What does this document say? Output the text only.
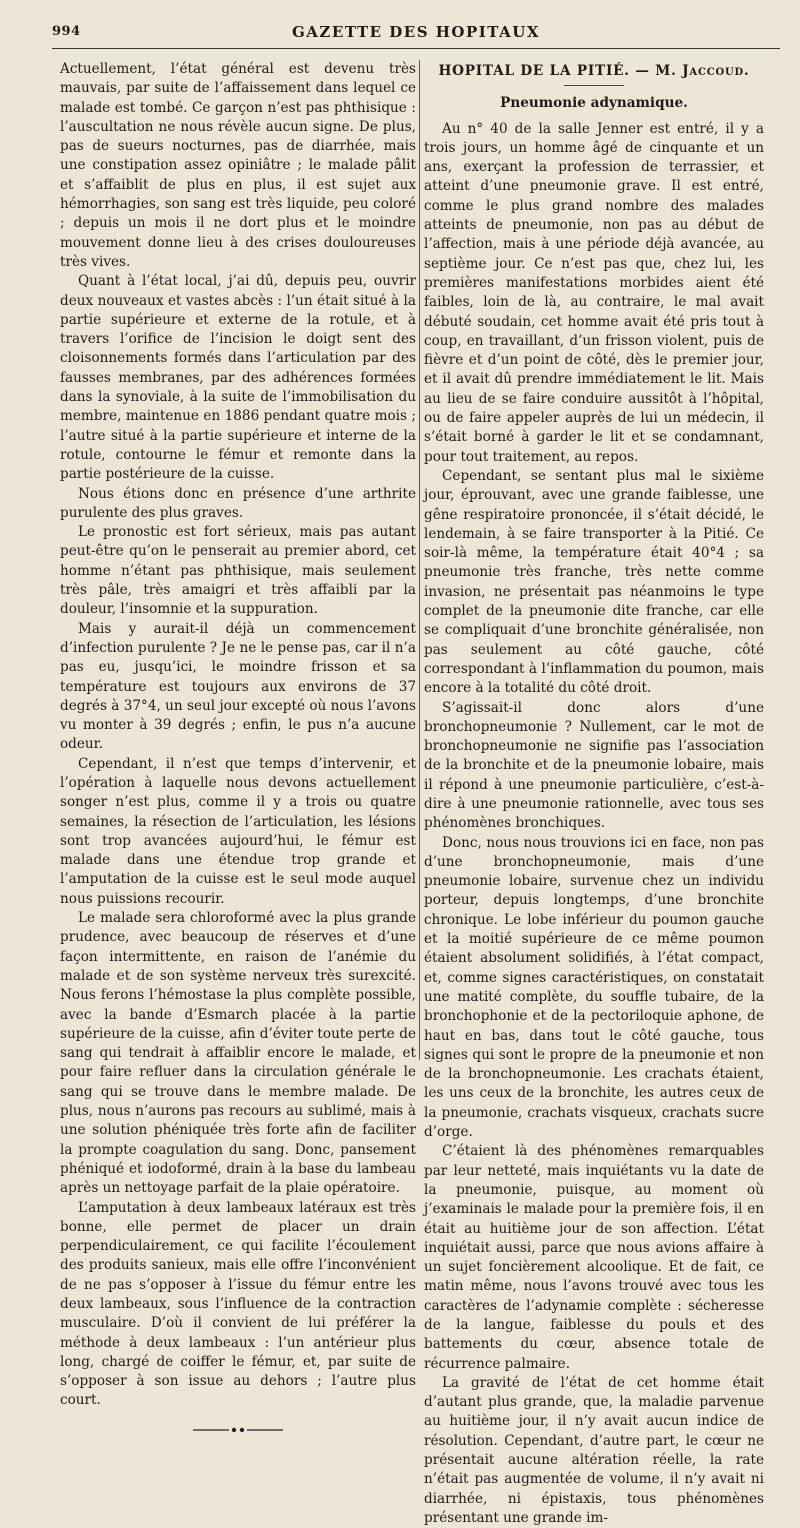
994	GAZETTE DES HOPITAUX

Actuellement, l’état général est devenu très mauvais, par suite de l’affaissement dans lequel ce malade est tombé. Ce garçon n’est pas phthisique : l’auscultation ne nous révèle aucun signe. De plus, pas de sueurs nocturnes, pas de diarrhée, mais une constipation assez opiniâtre ; le malade pâlit et s’affaiblit de plus en plus, il est sujet aux hémorrhagies, son sang est très liquide, peu coloré ; depuis un mois il ne dort plus et le moindre mouvement donne lieu à des crises douloureuses très vives.

Quant à l’état local, j’ai dû, depuis peu, ouvrir deux nouveaux et vastes abcès : l’un était situé à la partie supérieure et externe de la rotule, et à travers l’orifice de l’incision le doigt sent des cloisonnements formés dans l’articulation par des fausses membranes, par des adhérences formées dans la synoviale, à la suite de l’immobilisation du membre, maintenue en 1886 pendant quatre mois ; l’autre situé à la partie supérieure et interne de la rotule, contourne le fémur et remonte dans la partie postérieure de la cuisse.

Nous étions donc en présence d’une arthrite purulente des plus graves.

Le pronostic est fort sérieux, mais pas autant peut-être qu’on le penserait au premier abord, cet homme n’étant pas phthisique, mais seulement très pâle, très amaigri et très affaibli par la douleur, l’insomnie et la suppuration.

Mais y aurait-il déjà un commencement d’infection purulente ? Je ne le pense pas, car il n’a pas eu, jusqu’ici, le moindre frisson et sa température est toujours aux environs de 37 degrés à 37°4, un seul jour excepté où nous l’avons vu monter à 39 degrés ; enfin, le pus n’a aucune odeur.

Cependant, il n’est que temps d’intervenir, et l’opération à laquelle nous devons actuellement songer n’est plus, comme il y a trois ou quatre semaines, la résection de l’articulation, les lésions sont trop avancées aujourd’hui, le fémur est malade dans une étendue trop grande et l’amputation de la cuisse est le seul mode auquel nous puissions recourir.

Le malade sera chloroformé avec la plus grande prudence, avec beaucoup de réserves et d’une façon intermittente, en raison de l’anémie du malade et de son système nerveux très surexcité. Nous ferons l’hémostase la plus complète possible, avec la bande d’Esmarch placée à la partie supérieure de la cuisse, afin d’éviter toute perte de sang qui tendrait à affaiblir encore le malade, et pour faire refluer dans la circulation générale le sang qui se trouve dans le membre malade. De plus, nous n’aurons pas recours au sublimé, mais à une solution phéniquée très forte afin de faciliter la prompte coagulation du sang. Donc, pansement phéniqué et iodoformé, drain à la base du lambeau après un nettoyage parfait de la plaie opératoire.

L’amputation à deux lambeaux latéraux est très bonne, elle permet de placer un drain perpendiculairement, ce qui facilite l’écoulement des produits sanieux, mais elle offre l’inconvénient de ne pas s’opposer à l’issue du fémur entre les deux lambeaux, sous l’influence de la contraction musculaire. D’où il convient de lui préférer la méthode à deux lambeaux : l’un antérieur plus long, chargé de coiffer le fémur, et, par suite de s’opposer à son issue au dehors ; l’autre plus court.

HOPITAL DE LA PITIÉ. — M. Jaccoud.
Pneumonie adynamique.

Au n° 40 de la salle Jenner est entré, il y a trois jours, un homme âgé de cinquante et un ans, exerçant la profession de terrassier, et atteint d’une pneumonie grave. Il est entré, comme le plus grand nombre des malades atteints de pneumonie, non pas au début de l’affection, mais à une période déjà avancée, au septième jour. Ce n’est pas que, chez lui, les premières manifestations morbides aient été faibles, loin de là, au contraire, le mal avait débuté soudain, cet homme avait été pris tout à coup, en travaillant, d’un frisson violent, puis de fièvre et d’un point de côté, dès le premier jour, et il avait dû prendre immédiatement le lit. Mais au lieu de se faire conduire aussitôt à l’hôpital, ou de faire appeler auprès de lui un médecin, il s’était borné à garder le lit et se condamnant, pour tout traitement, au repos.

Cependant, se sentant plus mal le sixième jour, éprouvant, avec une grande faiblesse, une gêne respiratoire prononcée, il s’était décidé, le lendemain, à se faire transporter à la Pitié. Ce soir-là même, la température était 40°4 ; sa pneumonie très franche, très nette comme invasion, ne présentait pas néanmoins le type complet de la pneumonie dite franche, car elle se compliquait d’une bronchite généralisée, non pas seulement au côté gauche, côté correspondant à l’inflammation du poumon, mais encore à la totalité du côté droit.

S’agissait-il donc alors d’une bronchopneumonie ? Nullement, car le mot de bronchopneumonie ne signifie pas l’association de la bronchite et de la pneumonie lobaire, mais il répond à une pneumonie particulière, c’est-à-dire à une pneumonie rationnelle, avec tous ses phénomènes bronchiques.

Donc, nous nous trouvions ici en face, non pas d’une bronchopneumonie, mais d’une pneumonie lobaire, survenue chez un individu porteur, depuis longtemps, d’une bronchite chronique. Le lobe inférieur du poumon gauche et la moitié supérieure de ce même poumon étaient absolument solidifiés, à l’état compact, et, comme signes caractéristiques, on constatait une matité complète, du souffle tubaire, de la bronchophonie et de la pectoriloquie aphone, de haut en bas, dans tout le côté gauche, tous signes qui sont le propre de la pneumonie et non de la bronchopneumonie. Les crachats étaient, les uns ceux de la bronchite, les autres ceux de la pneumonie, crachats visqueux, crachats sucre d’orge.

C’étaient là des phénomènes remarquables par leur netteté, mais inquiétants vu la date de la pneumonie, puisque, au moment où j’examinais le malade pour la première fois, il en était au huitième jour de son affection. L’état inquiétait aussi, parce que nous avions affaire à un sujet foncièrement alcoolique. Et de fait, ce matin même, nous l’avons trouvé avec tous les caractères de l’adynamie complète : sécheresse de la langue, faiblesse du pouls et des battements du cœur, absence totale de récurrence palmaire.

La gravité de l’état de cet homme était d’autant plus grande, que, la maladie parvenue au huitième jour, il n’y avait aucun indice de résolution. Cependant, d’autre part, le cœur ne présentait aucune altération réelle, la rate n’était pas augmentée de volume, il n’y avait ni diarrhée, ni épistaxis, tous phénomènes présentant une grande im-
